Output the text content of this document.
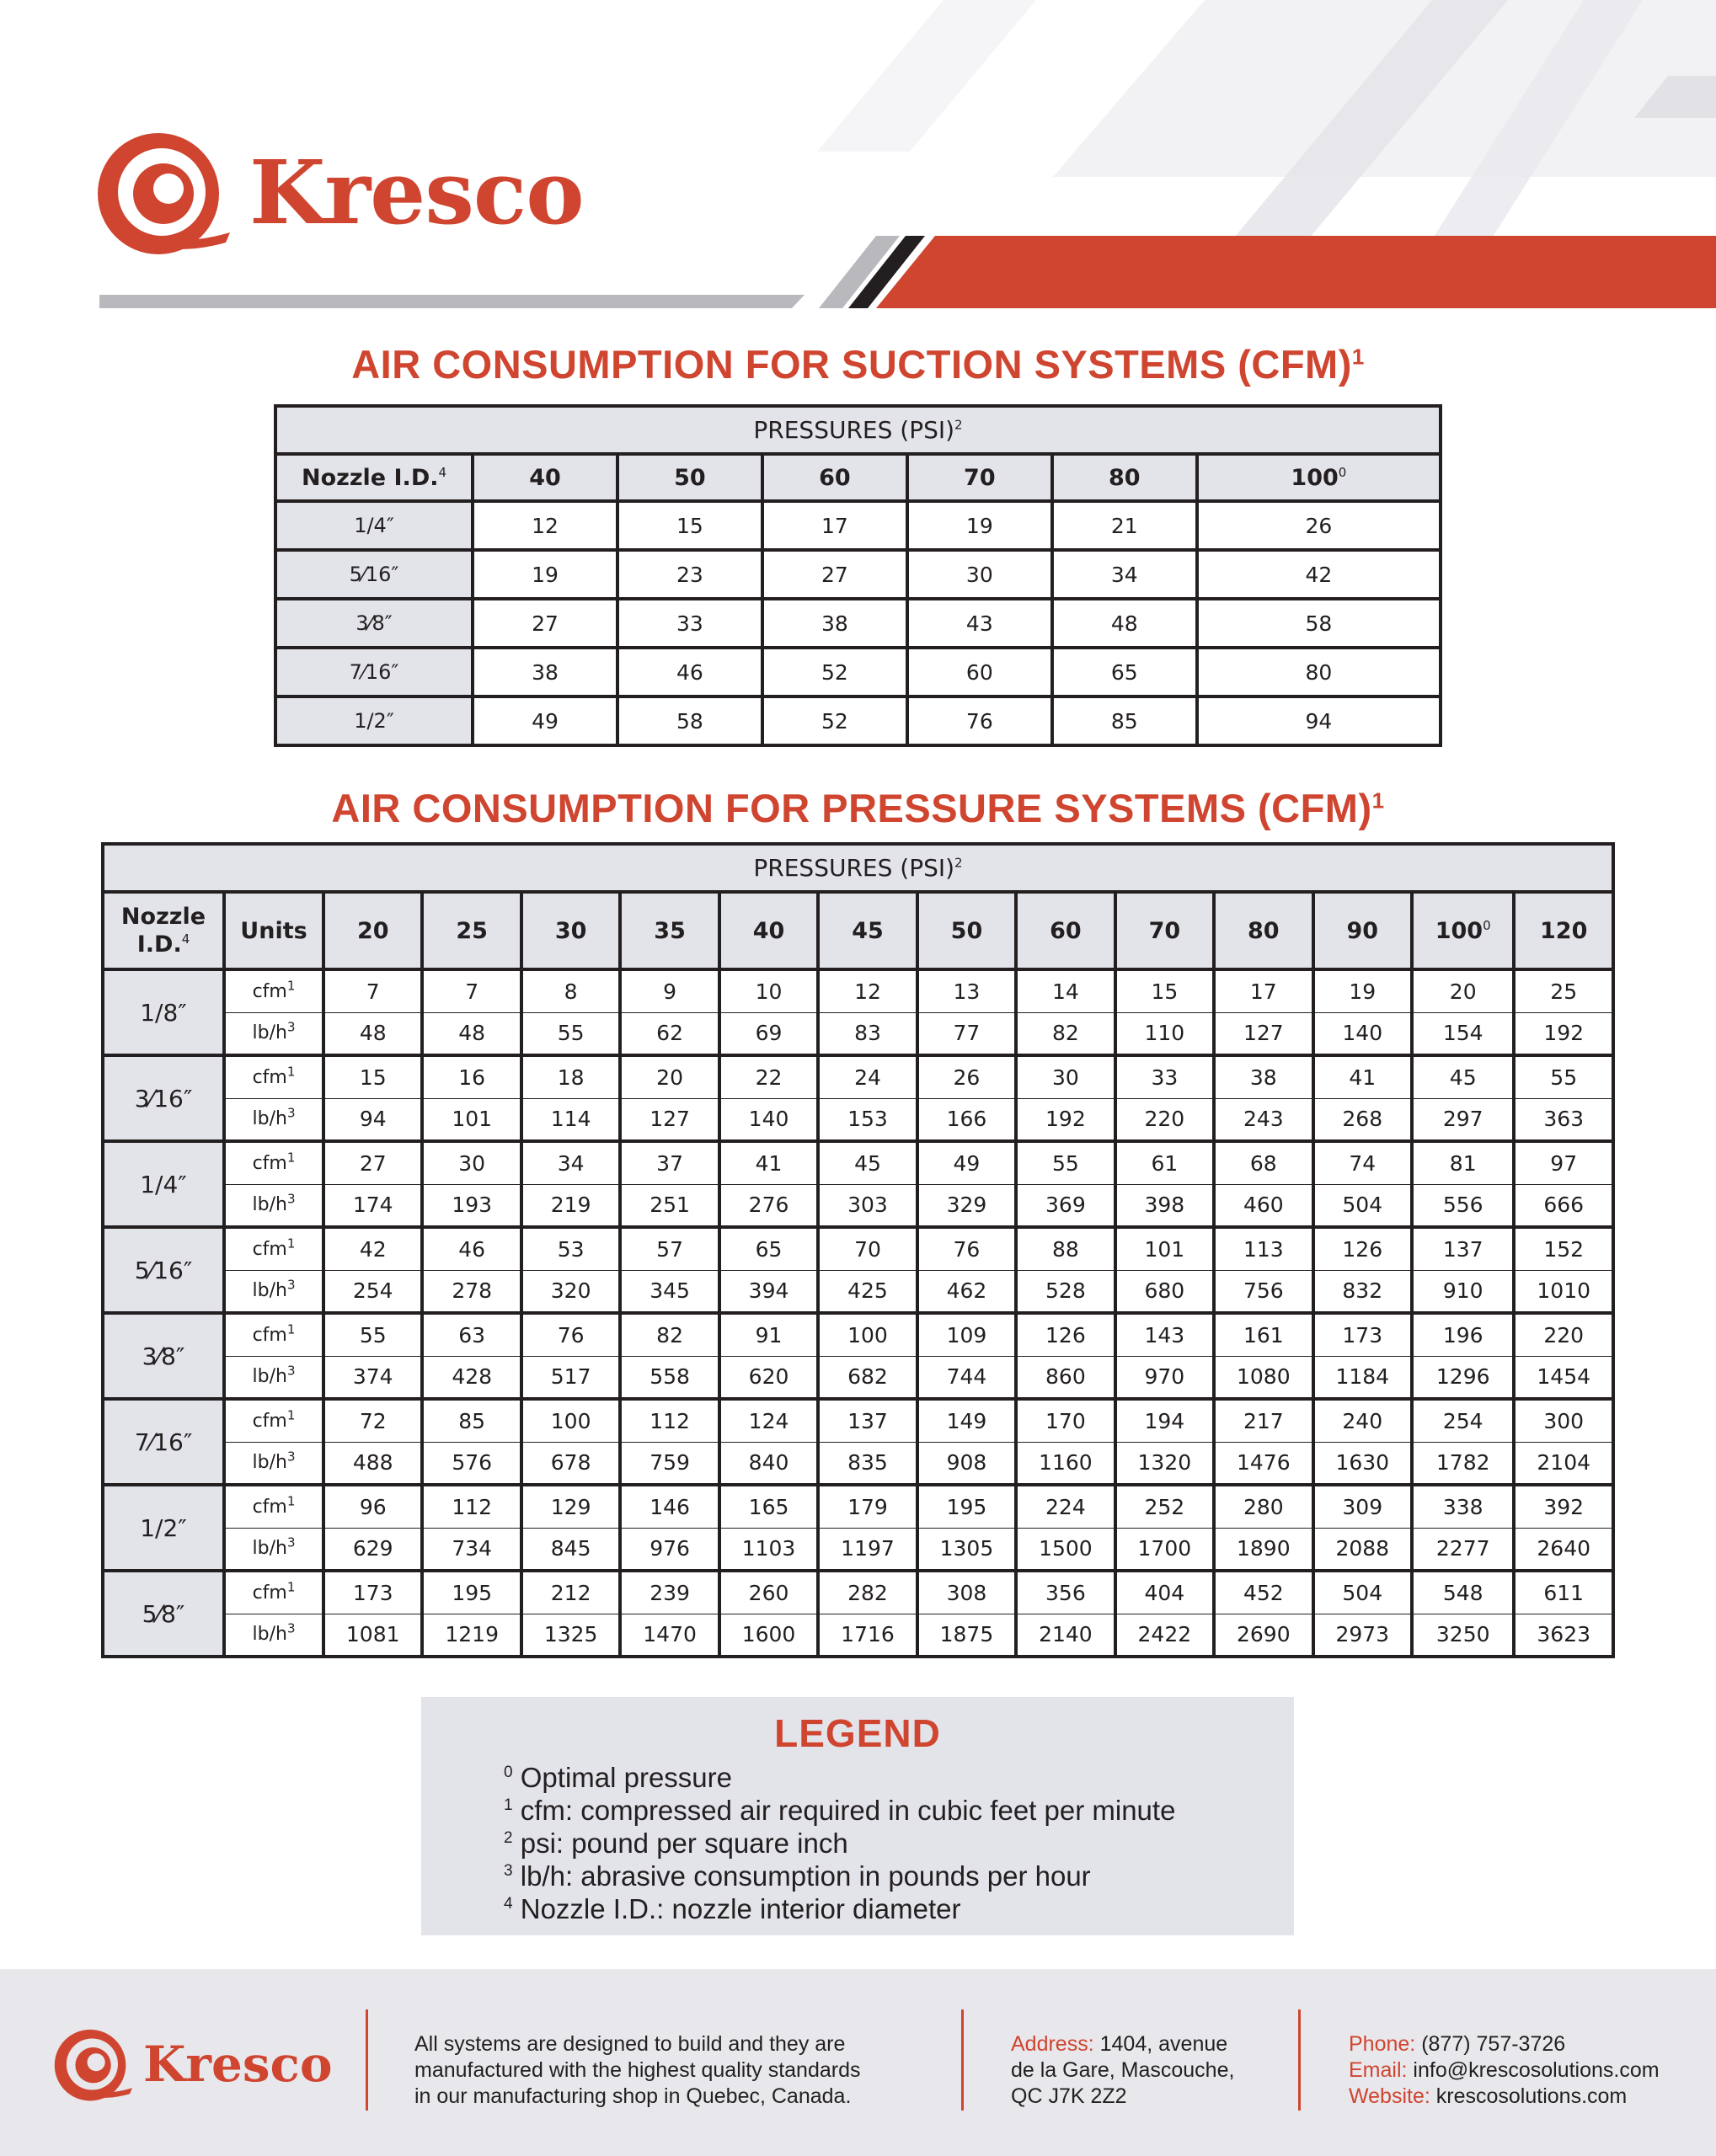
Kresco
AIR CONSUMPTION FOR SUCTION SYSTEMS (CFM)$^1$
PRESSURES (PSI)$^2$
Nozzle I.D.$^4$	40	50	60	70	80	$100^0$
1/4″	12	15	17	19	21	26
5⁄16″	19	23	27	30	34	42
3⁄8″	27	33	38	43	48	58
7⁄16″	38	46	52	60	65	80
1/2″	49	58	52	76	85	94
AIR CONSUMPTION FOR PRESSURE SYSTEMS (CFM)$^1$
PRESSURES (PSI)$^2$
Nozzle I.D.$^4$	Units	20	25	30	35	40	45	50	60	70	80	90	$100^0$	120
1/8″	cfm$^1$	7	7	8	9	10	12	13	14	15	17	19	20	25
	$lb/h^3$	48	48	55	62	69	83	77	82	110	127	140	154	192
3⁄16″	cfm$^1$	15	16	18	20	22	24	26	30	33	38	41	45	55
	$lb/h^3$	94	101	114	127	140	153	166	192	220	243	268	297	363
1/4″	cfm$^1$	27	30	34	37	41	45	49	55	61	68	74	81	97
	$lb/h^3$	174	193	219	251	276	303	329	369	398	460	504	556	666
5⁄16″	cfm$^1$	42	46	53	57	65	70	76	88	101	113	126	137	152
	$lb/h^3$	254	278	320	345	394	425	462	528	680	756	832	910	1010
3⁄8″	cfm$^1$	55	63	76	82	91	100	109	126	143	161	173	196	220
	$lb/h^3$	374	428	517	558	620	682	744	860	970	1080	1184	1296	1454
7⁄16″	cfm$^1$	72	85	100	112	124	137	149	170	194	217	240	254	300
	$lb/h^3$	488	576	678	759	840	835	908	1160	1320	1476	1630	1782	2104
1/2″	cfm$^1$	96	112	129	146	165	179	195	224	252	280	309	338	392
	$lb/h^3$	629	734	845	976	1103	1197	1305	1500	1700	1890	2088	2277	2640
5⁄8″	cfm$^1$	173	195	212	239	260	282	308	356	404	452	504	548	611
	$lb/h^3$	1081	1219	1325	1470	1600	1716	1875	2140	2422	2690	2973	3250	3623
LEGEND
$^0$ Optimal pressure
$^1$ cfm: compressed air required in cubic feet per minute
$^2$ psi: pound per square inch
$^3$ lb/h: abrasive consumption in pounds per hour
$^4$ Nozzle I.D.: nozzle interior diameter
Kresco	All systems are designed to build and they are
manufactured with the highest quality standards
in our manufacturing shop in Quebec, Canada.
Address: 1404, avenue
de la Gare, Mascouche,
QC J7K 2Z2
Phone: (877) 757-3726
Email: info@krescosolutions.com
Website: krescosolutions.com
